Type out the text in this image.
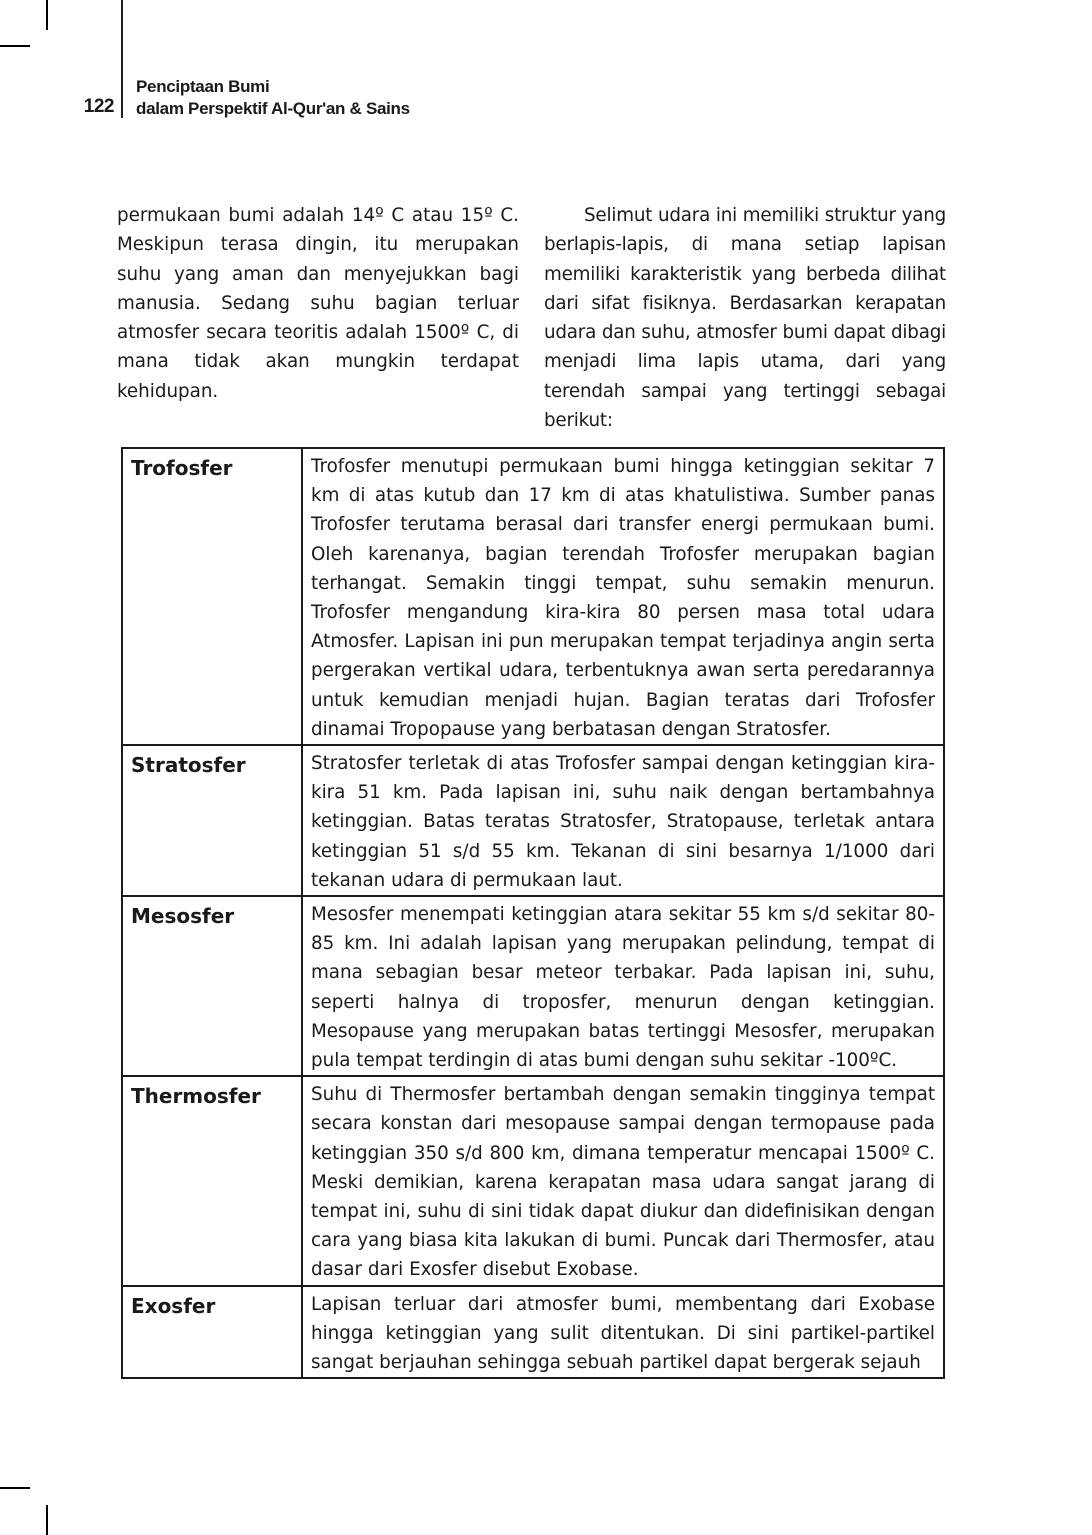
122
Penciptaan Bumi
dalam Perspektif Al-Qur'an & Sains

permukaan bumi adalah 14º C atau 15º C. Meskipun terasa dingin, itu merupakan suhu yang aman dan menyejukkan bagi manusia. Sedang suhu bagian terluar atmosfer secara teoritis adalah 1500º C, di mana tidak akan mungkin terdapat kehidupan.

Selimut udara ini memiliki struktur yang berlapis-lapis, di mana setiap lapisan memiliki karakteristik yang berbeda dilihat dari sifat fisiknya. Berdasarkan kerapatan udara dan suhu, atmosfer bumi dapat dibagi menjadi lima lapis utama, dari yang terendah sampai yang tertinggi sebagai berikut:

Trofosfer	Trofosfer menutupi permukaan bumi hingga ketinggian sekitar 7 km di atas kutub dan 17 km di atas khatulistiwa. Sumber panas Trofosfer terutama berasal dari transfer energi permukaan bumi. Oleh karenanya, bagian terendah Trofosfer merupakan bagian terhangat. Semakin tinggi tempat, suhu semakin menurun. Trofosfer mengandung kira-kira 80 persen masa total udara Atmosfer. Lapisan ini pun merupakan tempat terjadinya angin serta pergerakan vertikal udara, terbentuknya awan serta peredarannya untuk kemudian menjadi hujan. Bagian teratas dari Trofosfer dinamai Tropopause yang berbatasan dengan Stratosfer.
Stratosfer	Stratosfer terletak di atas Trofosfer sampai dengan ketinggian kira-kira 51 km. Pada lapisan ini, suhu naik dengan bertambahnya ketinggian. Batas teratas Stratosfer, Stratopause, terletak antara ketinggian 51 s/d 55 km. Tekanan di sini besarnya 1/1000 dari tekanan udara di permukaan laut.
Mesosfer	Mesosfer menempati ketinggian atara sekitar 55 km s/d sekitar 80-85 km. Ini adalah lapisan yang merupakan pelindung, tempat di mana sebagian besar meteor terbakar. Pada lapisan ini, suhu, seperti halnya di troposfer, menurun dengan ketinggian. Mesopause yang merupakan batas tertinggi Mesosfer, merupakan pula tempat terdingin di atas bumi dengan suhu sekitar -100ºC.
Thermosfer	Suhu di Thermosfer bertambah dengan semakin tingginya tempat secara konstan dari mesopause sampai dengan termopause pada ketinggian 350 s/d 800 km, dimana temperatur mencapai 1500º C. Meski demikian, karena kerapatan masa udara sangat jarang di tempat ini, suhu di sini tidak dapat diukur dan didefinisikan dengan cara yang biasa kita lakukan di bumi. Puncak dari Thermosfer, atau dasar dari Exosfer disebut Exobase.
Exosfer	Lapisan terluar dari atmosfer bumi, membentang dari Exobase hingga ketinggian yang sulit ditentukan. Di sini partikel-partikel sangat berjauhan sehingga sebuah partikel dapat bergerak sejauh
